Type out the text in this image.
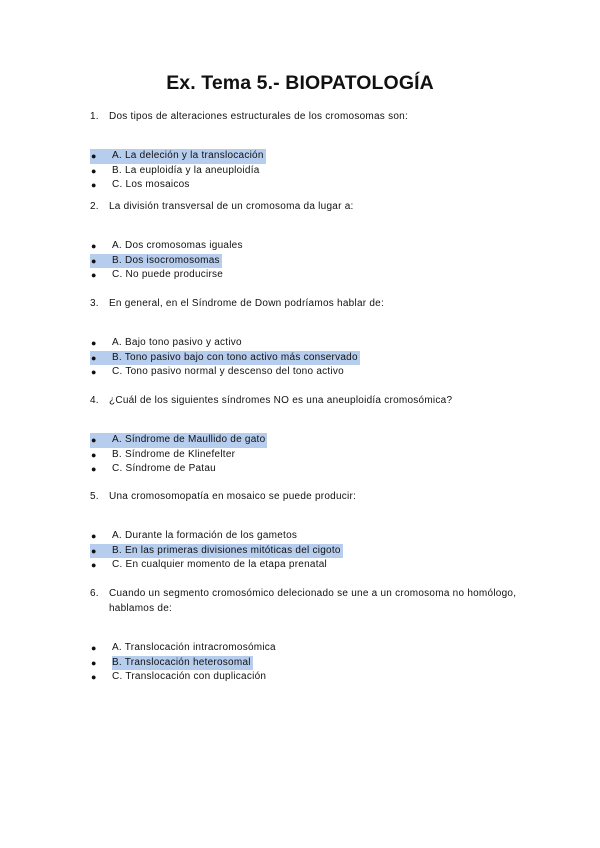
Ex. Tema 5.- BIOPATOLOGÍA
1.	Dos tipos de alteraciones estructurales de los cromosomas son:
●	A. La deleción y la translocación
●	B. La euploidía y la aneuploidía
●	C. Los mosaicos
2.	La división transversal de un cromosoma da lugar a:
●	A. Dos cromosomas iguales
●	B. Dos isocromosomas
●	C. No puede producirse
3.	En general, en el Síndrome de Down podríamos hablar de:
●	A. Bajo tono pasivo y activo
●	B. Tono pasivo bajo con tono activo más conservado
●	C. Tono pasivo normal y descenso del tono activo
4.	¿Cuál de los siguientes síndromes NO es una aneuploidía cromosómica?
●	A. Síndrome de Maullido de gato
●	B. Síndrome de Klinefelter
●	C. Síndrome de Patau
5.	Una cromosomopatía en mosaico se puede producir:
●	A. Durante la formación de los gametos
●	B. En las primeras divisiones mitóticas del cigoto
●	C. En cualquier momento de la etapa prenatal
6.	Cuando un segmento cromosómico delecionado se une a un cromosoma no homólogo, hablamos de:
●	A. Translocación intracromosómica
●	B. Translocación heterosomal
●	C. Translocación con duplicación
